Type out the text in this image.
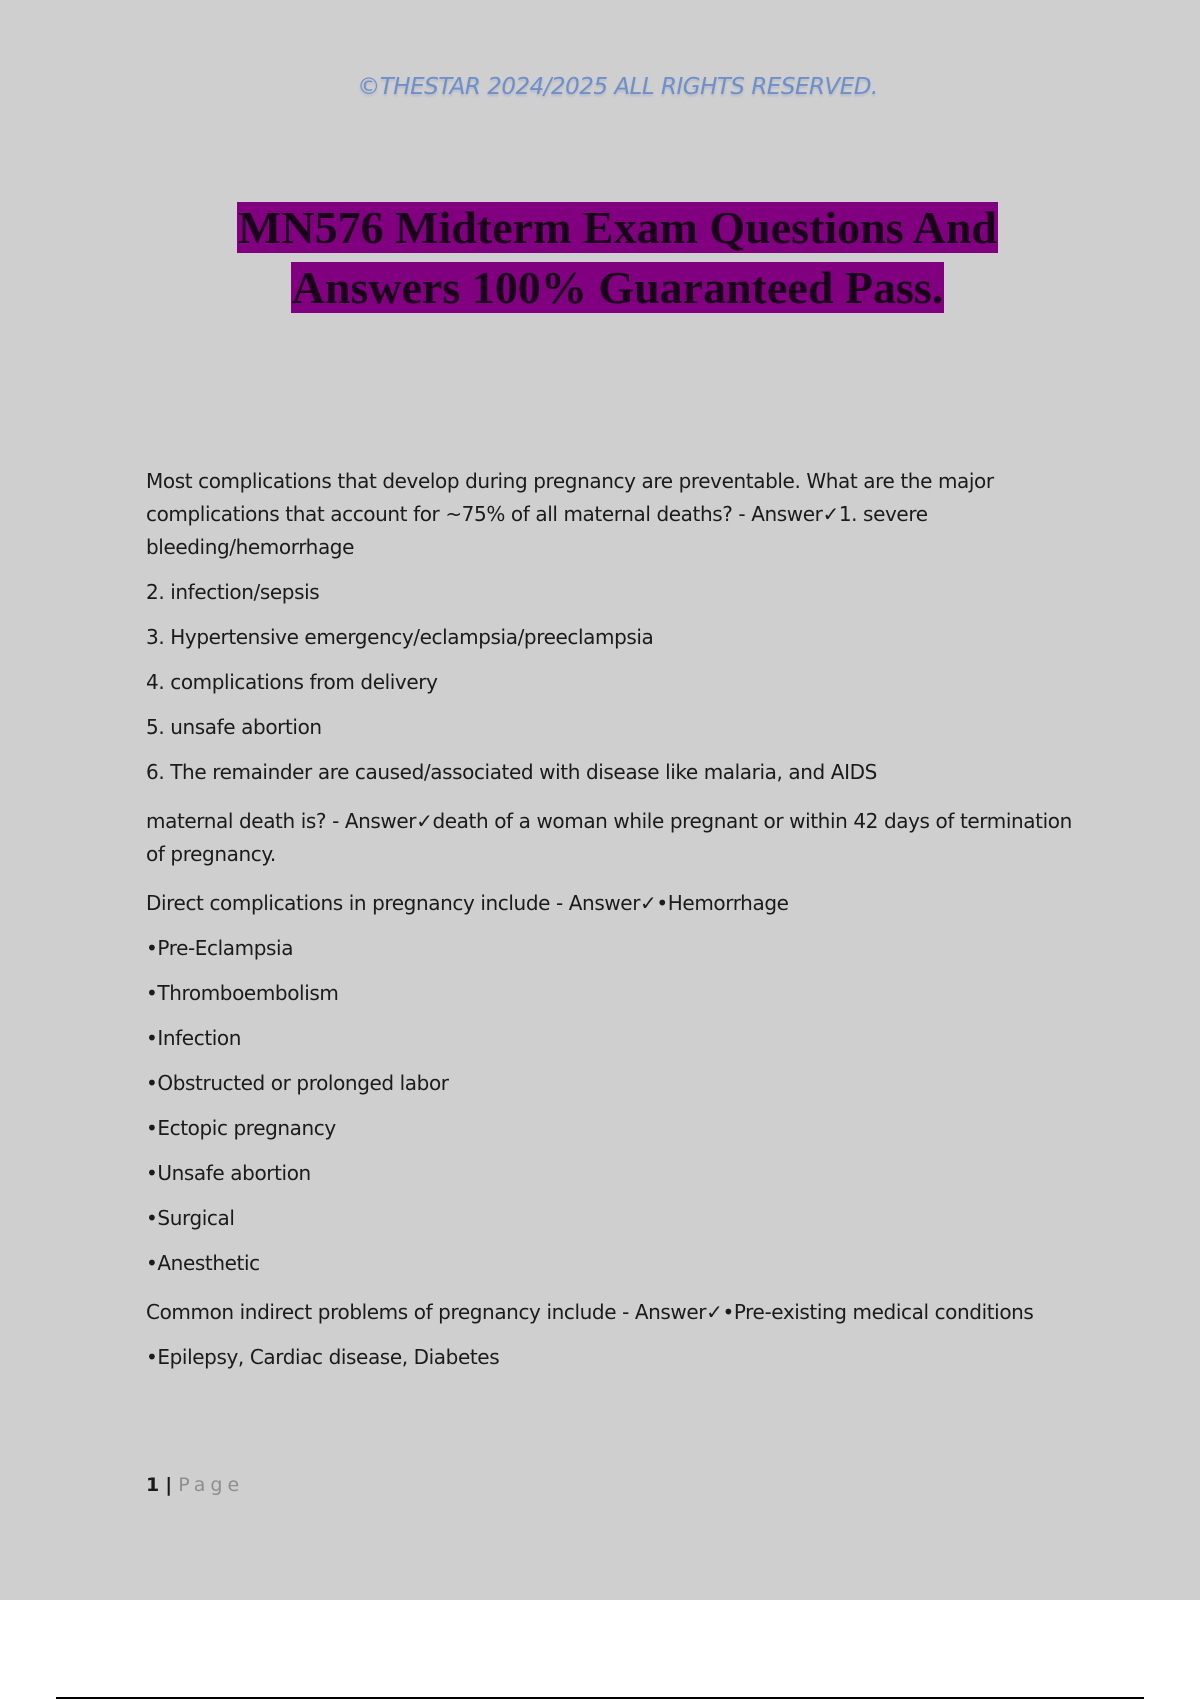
©THESTAR 2024/2025 ALL RIGHTS RESERVED.
MN576 Midterm Exam Questions And
Answers 100% Guaranteed Pass.

Most complications that develop during pregnancy are preventable. What are the major complications that account for ~75% of all maternal deaths? - Answer✓1. severe bleeding/hemorrhage

2. infection/sepsis

3. Hypertensive emergency/eclampsia/preeclampsia

4. complications from delivery

5. unsafe abortion

6. The remainder are caused/associated with disease like malaria, and AIDS

maternal death is? - Answer✓death of a woman while pregnant or within 42 days of termination of pregnancy.

Direct complications in pregnancy include - Answer✓•Hemorrhage

•Pre-Eclampsia

•Thromboembolism

•Infection

•Obstructed or prolonged labor

•Ectopic pregnancy

•Unsafe abortion

•Surgical

•Anesthetic

Common indirect problems of pregnancy include - Answer✓•Pre-existing medical conditions

•Epilepsy, Cardiac disease, Diabetes

1 | Page
